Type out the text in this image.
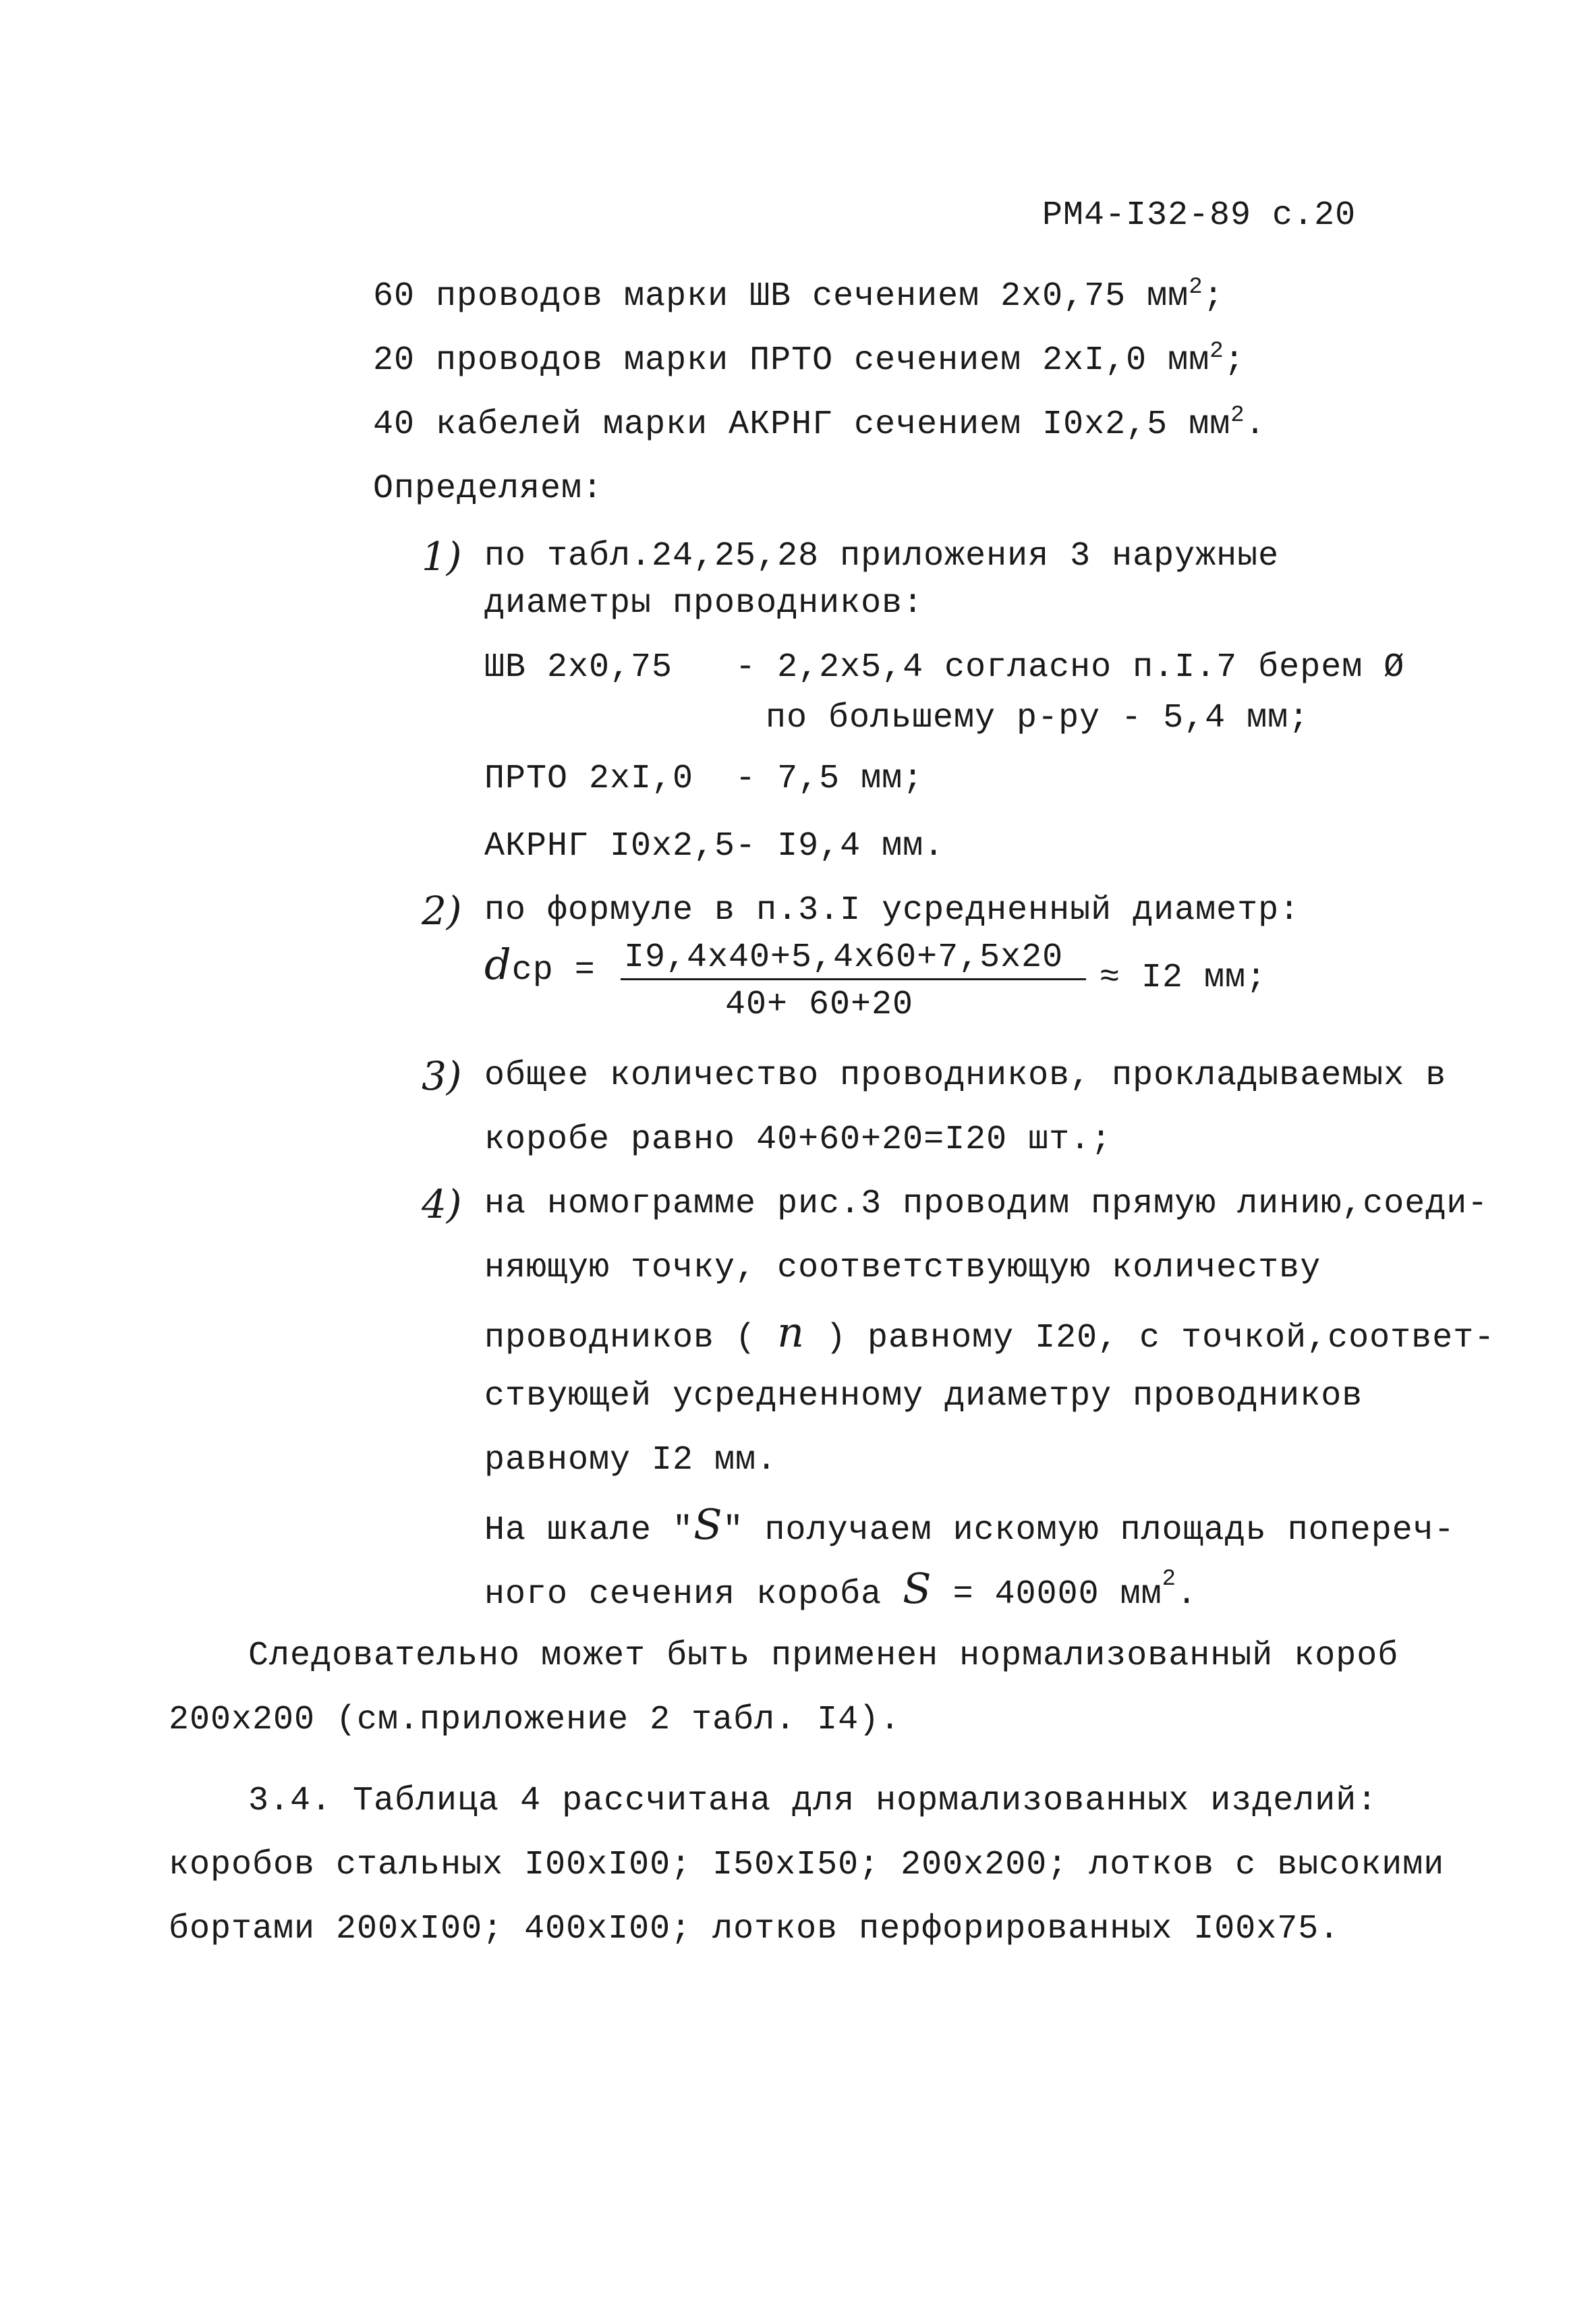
РМ4-I32-89 с.20
60 проводов марки ШВ сечением 2х0,75 $мм^2$;
20 проводов марки ПРТО сечением 2хI,0 $мм^2$;
40 кабелей марки АКРНГ сечением I0х2,5 $мм^2$.
Определяем:
1) по табл.24,25,28 приложения 3 наружные
диаметры проводников:
ШВ 2х0,75   - 2,2х5,4 согласно п.I.7 берем Ø
по большему р-ру - 5,4 мм;
ПРТО 2хI,0  - 7,5 мм;
АКРНГ I0х2,5- I9,4 мм.
2) по формуле в п.3.I усредненный диаметр:
dср = I9,4х40+5,4х60+7,5х20
40+ 60+20
≈ I2 мм;
3) общее количество проводников, прокладываемых в
коробе равно 40+60+20=I20 шт.;
4) на номограмме рис.3 проводим прямую линию,соеди-
няющую точку, соответствующую количеству
проводников ( n ) равному I20, с точкой,соответ-
ствующей усредненному диаметру проводников
равному I2 мм.
На шкале "S" получаем искомую площадь попереч-
ного сечения короба S = 40000 $мм^2$.
Следовательно может быть применен нормализованный короб
200х200 (см.приложение 2 табл. I4).
3.4. Таблица 4 рассчитана для нормализованных изделий:
коробов стальных I00хI00; I50хI50; 200х200; лотков с высокими
бортами 200хI00; 400хI00; лотков перфорированных I00х75.
